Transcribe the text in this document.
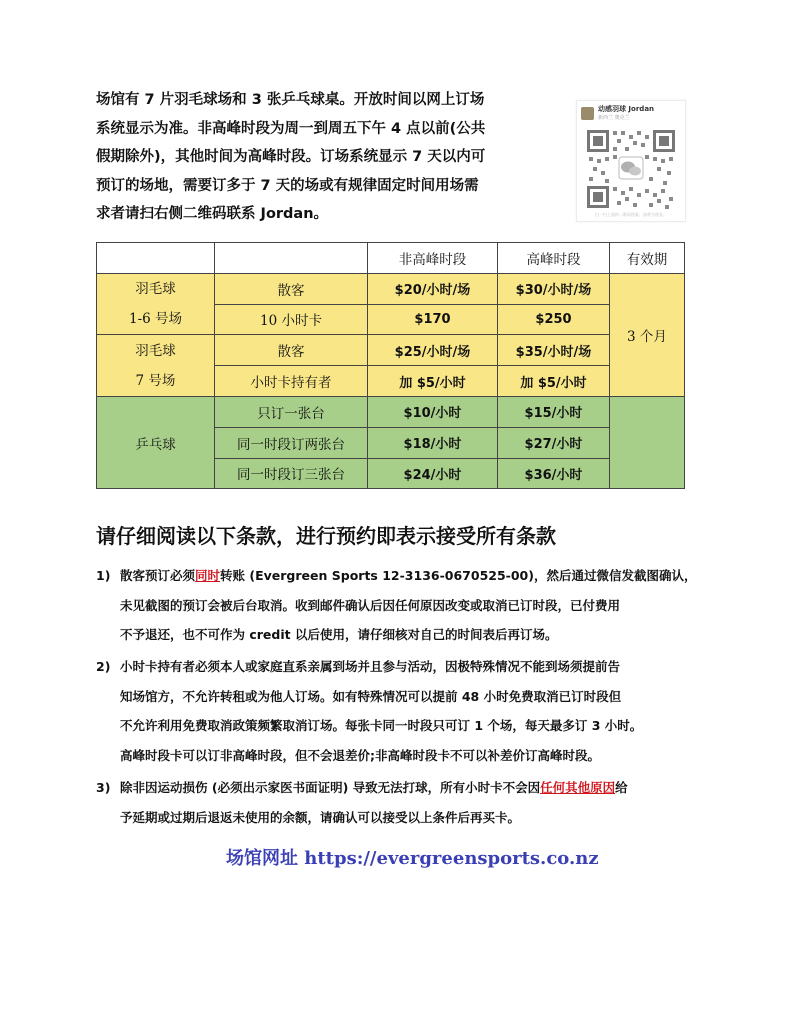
场馆有 7 片羽毛球场和 3 张乒乓球桌。开放时间以网上订场

系统显示为准。非高峰时段为周一到周五下午 4 点以前(公共

假期除外)，其他时间为高峰时段。订场系统显示 7 天以内可

预订的场地，需要订多于 7 天的场或有规律固定时间用场需

求者请扫右侧二维码联系 Jordan。

动感羽球 Jordan
新西兰 奥克兰
扫一扫上面的二维码图案，加我为朋友。
		非高峰时段	高峰时段	有效期

羽毛球
1-6 号场	散客	$20/小时/场	$30/小时/场	3 个月
	10 小时卡	$170	$250	

羽毛球
7 号场	散客	$25/小时/场	$35/小时/场	
	小时卡持有者	加 $5/小时	加 $5/小时	
乒乓球	只订一张台	$10/小时	$15/小时	
	同一时段订两张台	$18/小时	$27/小时	
	同一时段订三张台	$24/小时	$36/小时	
请仔细阅读以下条款，进行预约即表示接受所有条款
1) 散客预订必须同时转账 (Evergreen Sports 12-3136-0670525-00)，然后通过微信发截图确认，

未见截图的预订会被后台取消。收到邮件确认后因任何原因改变或取消已订时段，已付费用

不予退还，也不可作为 credit 以后使用，请仔细核对自己的时间表后再订场。

2) 小时卡持有者必须本人或家庭直系亲属到场并且参与活动，因极特殊情况不能到场须提前告

知场馆方，不允许转租或为他人订场。如有特殊情况可以提前 48 小时免费取消已订时段但

不允许利用免费取消政策频繁取消订场。每张卡同一时段只可订 1 个场，每天最多订 3 小时。

高峰时段卡可以订非高峰时段，但不会退差价;非高峰时段卡不可以补差价订高峰时段。

3) 除非因运动损伤 (必须出示家医书面证明) 导致无法打球，所有小时卡不会因任何其他原因给

予延期或过期后退返未使用的余额，请确认可以接受以上条件后再买卡。

场馆网址 https://evergreensports.co.nz
